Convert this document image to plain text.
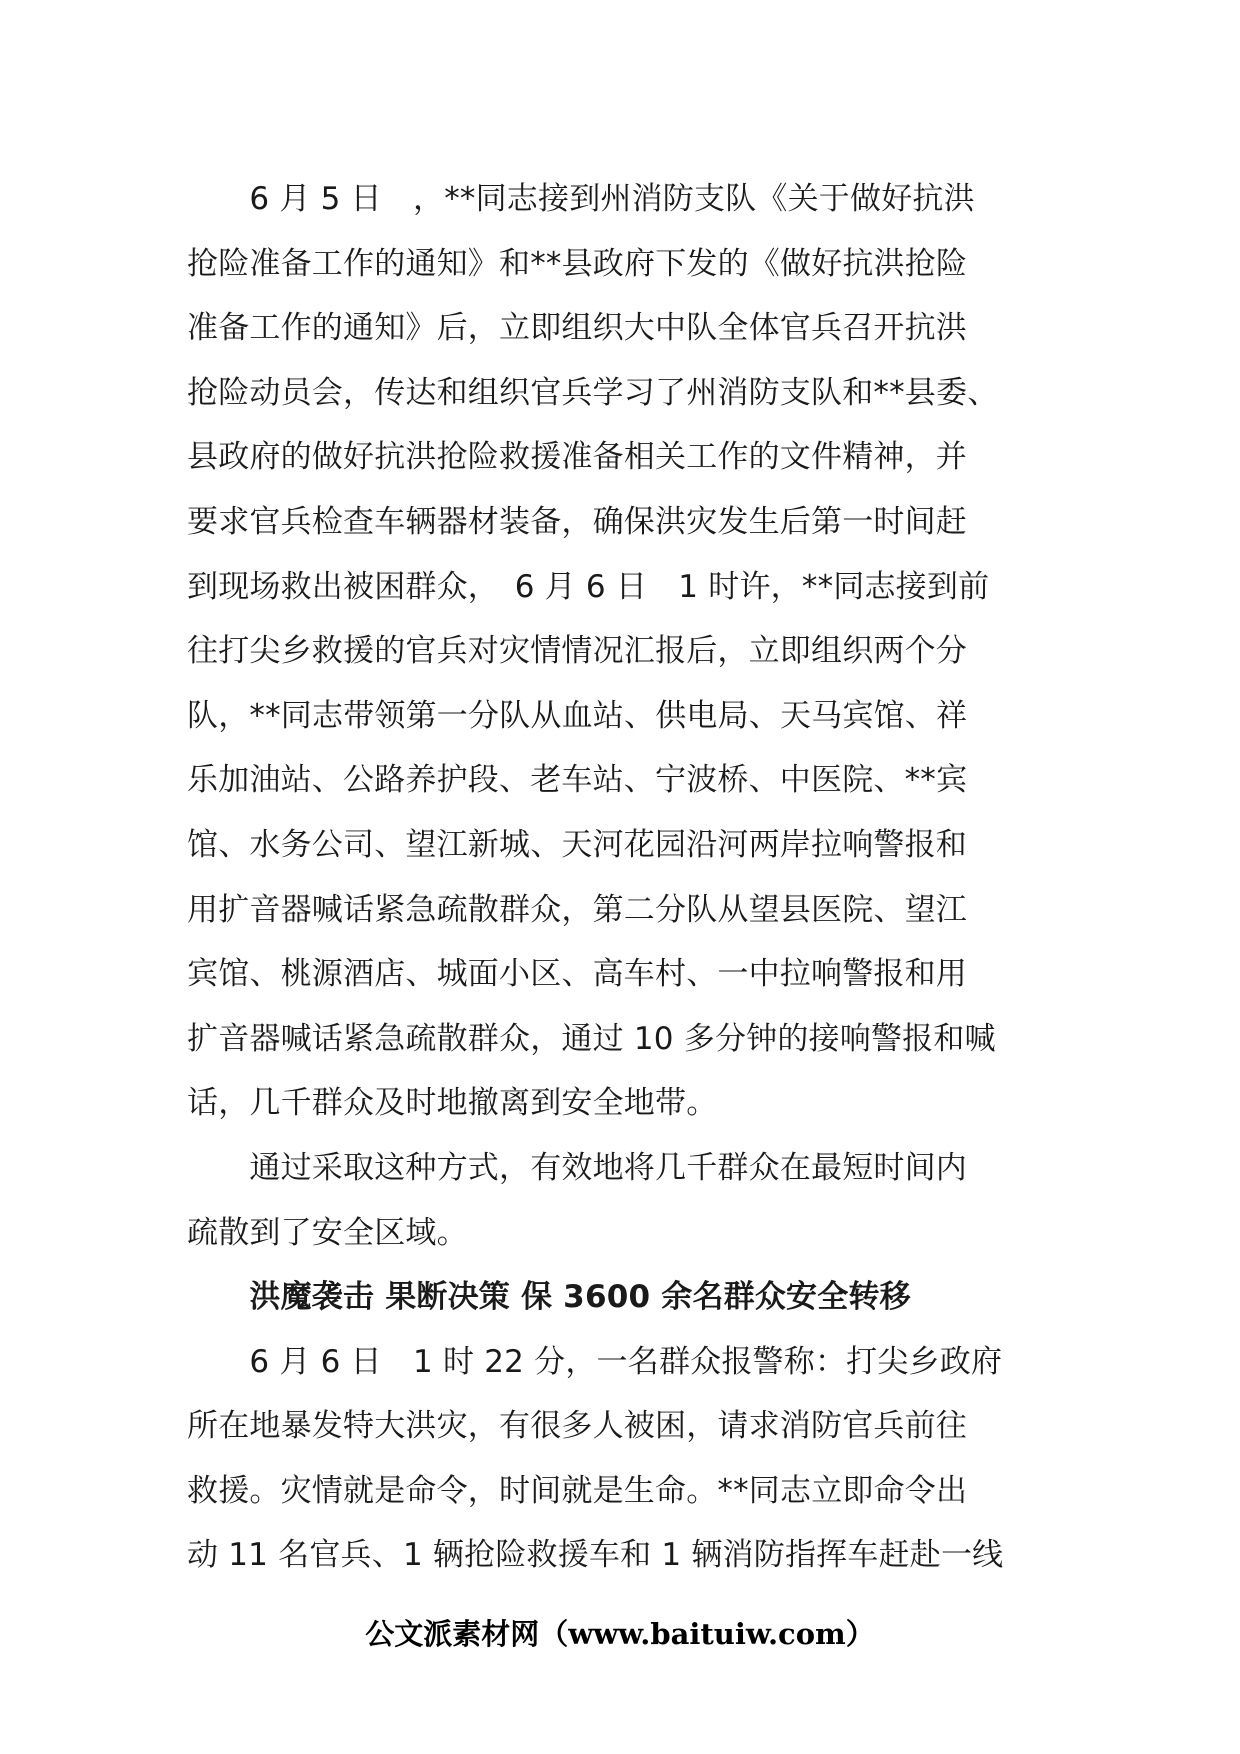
　　6 月 5 日　，**同志接到州消防支队《关于做好抗洪
抢险准备工作的通知》和**县政府下发的《做好抗洪抢险
准备工作的通知》后，立即组织大中队全体官兵召开抗洪
抢险动员会，传达和组织官兵学习了州消防支队和**县委、
县政府的做好抗洪抢险救援准备相关工作的文件精神，并
要求官兵检查车辆器材装备，确保洪灾发生后第一时间赶
到现场救出被困群众，　6 月 6 日　1 时许，**同志接到前
往打尖乡救援的官兵对灾情情况汇报后，立即组织两个分
队，**同志带领第一分队从血站、供电局、天马宾馆、祥
乐加油站、公路养护段、老车站、宁波桥、中医院、**宾
馆、水务公司、望江新城、天河花园沿河两岸拉响警报和
用扩音器喊话紧急疏散群众，第二分队从望县医院、望江
宾馆、桃源酒店、城面小区、高车村、一中拉响警报和用
扩音器喊话紧急疏散群众，通过 10 多分钟的接响警报和喊
话，几千群众及时地撤离到安全地带。
　　通过采取这种方式，有效地将几千群众在最短时间内
疏散到了安全区域。
　　洪魔袭击 果断决策 保 3600 余名群众安全转移
　　6 月 6 日　1 时 22 分，一名群众报警称：打尖乡政府
所在地暴发特大洪灾，有很多人被困，请求消防官兵前往
救援。灾情就是命令，时间就是生命。**同志立即命令出
动 11 名官兵、1 辆抢险救援车和 1 辆消防指挥车赶赴一线
公文派素材网（www.baituiw.com）
